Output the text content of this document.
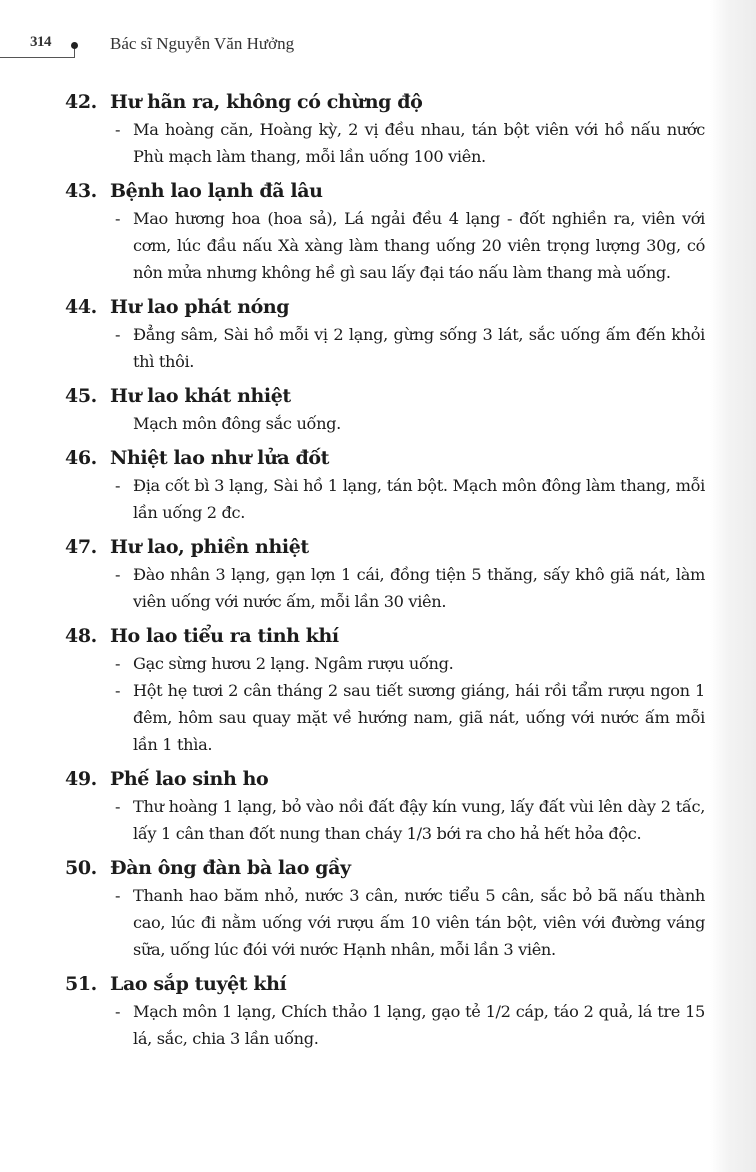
314	Bác sĩ Nguyễn Văn Hưởng
42. Hư hãn ra, không có chừng độ
- Ma hoàng căn, Hoàng kỳ, 2 vị đều nhau, tán bột viên với hồ nấu nước Phù mạch làm thang, mỗi lần uống 100 viên.
43. Bệnh lao lạnh đã lâu
- Mao hương hoa (hoa sả), Lá ngải đều 4 lạng - đốt nghiền ra, viên với cơm, lúc đầu nấu Xà xàng làm thang uống 20 viên trọng lượng 30g, có nôn mửa nhưng không hề gì sau lấy đại táo nấu làm thang mà uống.
44. Hư lao phát nóng
- Đẳng sâm, Sài hồ mỗi vị 2 lạng, gừng sống 3 lát, sắc uống ấm đến khỏi thì thôi.
45. Hư lao khát nhiệt
Mạch môn đông sắc uống.
46. Nhiệt lao như lửa đốt
- Địa cốt bì 3 lạng, Sài hồ 1 lạng, tán bột. Mạch môn đông làm thang, mỗi lần uống 2 đc.
47. Hư lao, phiền nhiệt
- Đào nhân 3 lạng, gạn lợn 1 cái, đồng tiện 5 thăng, sấy khô giã nát, làm viên uống với nước ấm, mỗi lần 30 viên.
48. Ho lao tiểu ra tinh khí
- Gạc sừng hươu 2 lạng. Ngâm rượu uống.
- Hột hẹ tươi 2 cân tháng 2 sau tiết sương giáng, hái rồi tẩm rượu ngon 1 đêm, hôm sau quay mặt về hướng nam, giã nát, uống với nước ấm mỗi lần 1 thìa.
49. Phế lao sinh ho
- Thư hoàng 1 lạng, bỏ vào nồi đất đậy kín vung, lấy đất vùi lên dày 2 tấc, lấy 1 cân than đốt nung than cháy 1/3 bới ra cho hả hết hỏa độc.
50. Đàn ông đàn bà lao gầy
- Thanh hao băm nhỏ, nước 3 cân, nước tiểu 5 cân, sắc bỏ bã nấu thành cao, lúc đi nằm uống với rượu ấm 10 viên tán bột, viên với đường váng sữa, uống lúc đói với nước Hạnh nhân, mỗi lần 3 viên.
51. Lao sắp tuyệt khí
- Mạch môn 1 lạng, Chích thảo 1 lạng, gạo tẻ 1/2 cáp, táo 2 quả, lá tre 15 lá, sắc, chia 3 lần uống.
